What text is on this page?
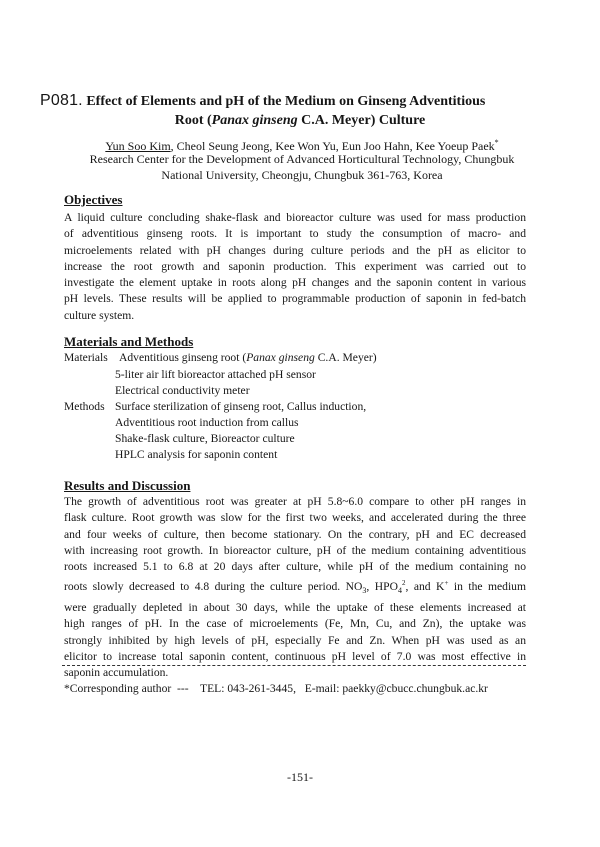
P081. Effect of Elements and pH of the Medium on Ginseng Adventitious
Root (Panax ginseng C.A. Meyer) Culture
Yun Soo Kim, Cheol Seung Jeong, Kee Won Yu, Eun Joo Hahn, Kee Yoeup Paek*
Research Center for the Development of Advanced Horticultural Technology, Chungbuk
National University, Cheongju, Chungbuk 361-763, Korea
Objectives
A liquid culture concluding shake-flask and bioreactor culture was used for mass production
of adventitious ginseng roots. It is important to study the consumption of macro- and
microelements related with pH changes during culture periods and the pH as elicitor to
increase the root growth and saponin production. This experiment was carried out to
investigate the element uptake in roots along pH changes and the saponin content in various
pH levels. These results will be applied to programmable production of saponin in fed-batch
culture system.
Materials and Methods
Materials Adventitious ginseng root (Panax ginseng C.A. Meyer)
5-liter air lift bioreactor attached pH sensor
Electrical conductivity meter
Methods Surface sterilization of ginseng root, Callus induction,
Adventitious root induction from callus
Shake-flask culture, Bioreactor culture
HPLC analysis for saponin content
Results and Discussion
The growth of adventitious root was greater at pH 5.8~6.0 compare to other pH ranges in
flask culture. Root growth was slow for the first two weeks, and accelerated during the three
and four weeks of culture, then become stationary. On the contrary, pH and EC decreased
with increasing root growth. In bioreactor culture, pH of the medium containing adventitious
roots increased 5.1 to 6.8 at 20 days after culture, while pH of the medium containing no
roots slowly decreased to 4.8 during the culture period. $NO_3$, $HPO_4^2$, and K+ in the medium
were gradually depleted in about 30 days, while the uptake of these elements increased at
high ranges of pH. In the case of microelements (Fe, Mn, Cu, and Zn), the uptake was
strongly inhibited by high levels of pH, especially Fe and Zn. When pH was used as an
elicitor to increase total saponin content, continuous pH level of 7.0 was most effective in
saponin accumulation.
*Corresponding author --- TEL: 043-261-3445, E-mail: paekky@cbucc.chungbuk.ac.kr
-151-
